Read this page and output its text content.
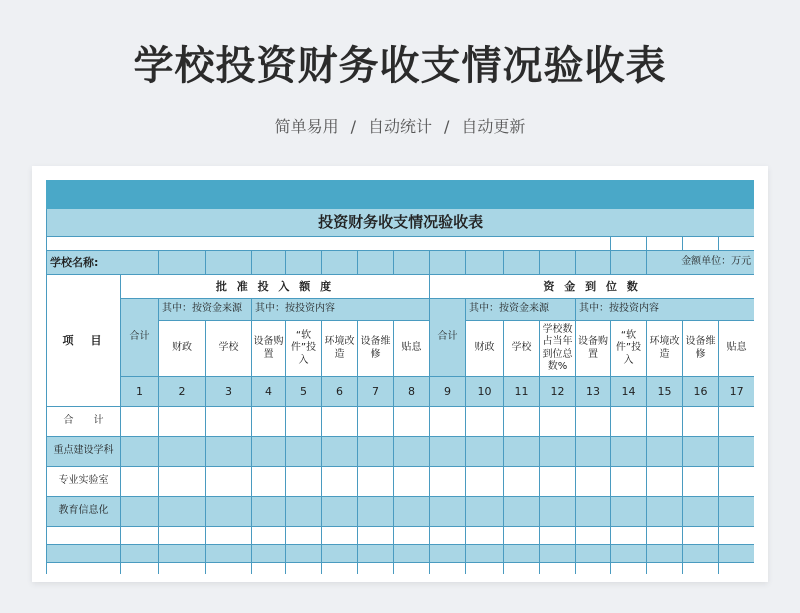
学校投资财务收支情况验收表
简单易用 / 自动统计 / 自动更新

投资财务收支情况验收表																	

学校名称:															金额单位：万元		
项　目	批 准 投 入 额 度								资 金 到 位 数								
	合计	其中：按资金来源		其中：按投资内容					合计	其中：按资金来源			其中：按投资内容				
		财政	学校	设备购置	“软件”投入	环境改造	设备维修	贴息		财政	学校	学校数占当年到位总数%	设备购置	“软件”投入	环境改造	设备维修	贴息
	1	2	3	4	5	6	7	8	9	10	11	12	13	14	15	16	17
合　　计																	
重点建设学科																	
专业实验室																	
教育信息化																	
